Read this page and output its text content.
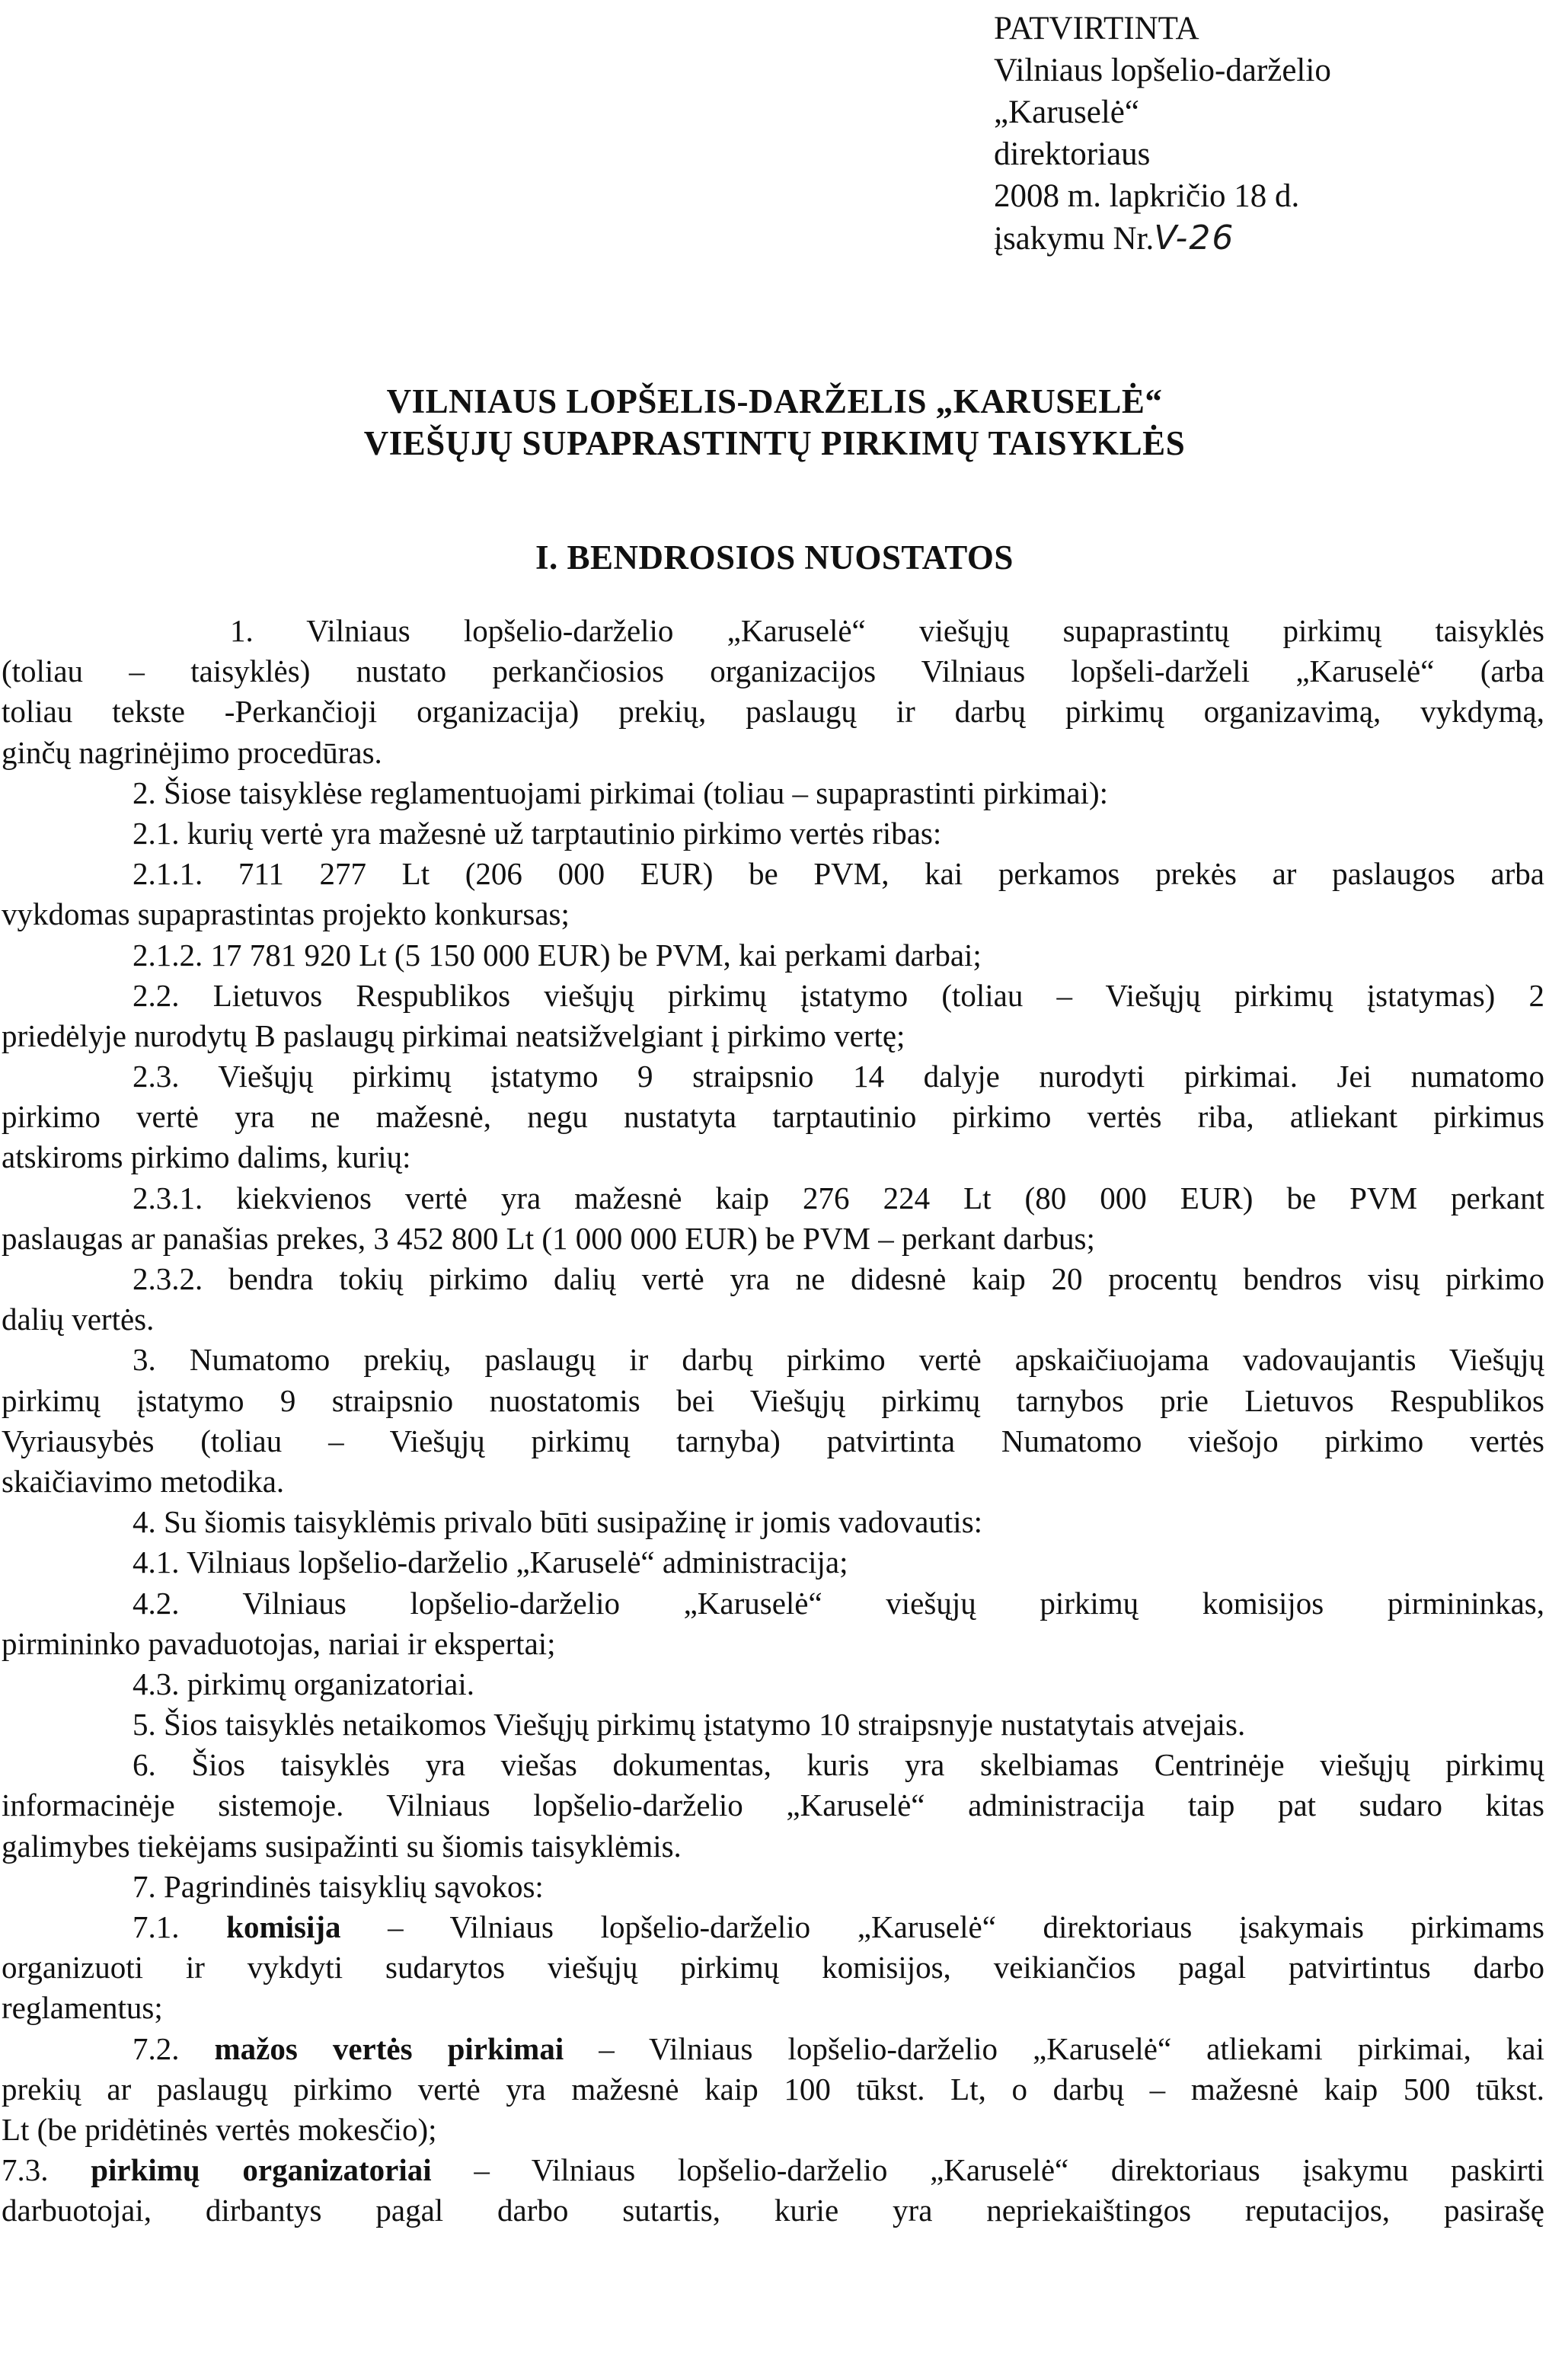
PATVIRTINTA
Vilniaus lopšelio-darželio
„Karuselė“
direktoriaus
2008 m. lapkričio 18 d.
įsakymu Nr.V-26
VILNIAUS LOPŠELIS-DARŽELIS „KARUSELĖ“
VIEŠŲJŲ SUPAPRASTINTŲ PIRKIMŲ TAISYKLĖS
I. BENDROSIOS NUOSTATOS
1. Vilniaus lopšelio-darželio „Karuselė“ viešųjų supaprastintų pirkimų taisyklės
(toliau – taisyklės) nustato perkančiosios organizacijos Vilniaus lopšeli-darželi „Karuselė“ (arba
toliau tekste -Perkančioji organizacija) prekių, paslaugų ir darbų pirkimų organizavimą, vykdymą,
ginčų nagrinėjimo procedūras.
2. Šiose taisyklėse reglamentuojami pirkimai (toliau – supaprastinti pirkimai):
2.1. kurių vertė yra mažesnė už tarptautinio pirkimo vertės ribas:
2.1.1. 711 277 Lt (206 000 EUR) be PVM, kai perkamos prekės ar paslaugos arba
vykdomas supaprastintas projekto konkursas;
2.1.2. 17 781 920 Lt (5 150 000 EUR) be PVM, kai perkami darbai;
2.2. Lietuvos Respublikos viešųjų pirkimų įstatymo (toliau – Viešųjų pirkimų įstatymas) 2
priedėlyje nurodytų B paslaugų pirkimai neatsižvelgiant į pirkimo vertę;
2.3. Viešųjų pirkimų įstatymo 9 straipsnio 14 dalyje nurodyti pirkimai. Jei numatomo
pirkimo vertė yra ne mažesnė, negu nustatyta tarptautinio pirkimo vertės riba, atliekant pirkimus
atskiroms pirkimo dalims, kurių:
2.3.1. kiekvienos vertė yra mažesnė kaip 276 224 Lt (80 000 EUR) be PVM perkant
paslaugas ar panašias prekes, 3 452 800 Lt (1 000 000 EUR) be PVM – perkant darbus;
2.3.2. bendra tokių pirkimo dalių vertė yra ne didesnė kaip 20 procentų bendros visų pirkimo
dalių vertės.
3. Numatomo prekių, paslaugų ir darbų pirkimo vertė apskaičiuojama vadovaujantis Viešųjų
pirkimų įstatymo 9 straipsnio nuostatomis bei Viešųjų pirkimų tarnybos prie Lietuvos Respublikos
Vyriausybės (toliau – Viešųjų pirkimų tarnyba) patvirtinta Numatomo viešojo pirkimo vertės
skaičiavimo metodika.
4. Su šiomis taisyklėmis privalo būti susipažinę ir jomis vadovautis:
4.1. Vilniaus lopšelio-darželio „Karuselė“ administracija;
4.2. Vilniaus lopšelio-darželio „Karuselė“ viešųjų pirkimų komisijos pirmininkas,
pirmininko pavaduotojas, nariai ir ekspertai;
4.3. pirkimų organizatoriai.
5. Šios taisyklės netaikomos Viešųjų pirkimų įstatymo 10 straipsnyje nustatytais atvejais.
6. Šios taisyklės yra viešas dokumentas, kuris yra skelbiamas Centrinėje viešųjų pirkimų
informacinėje sistemoje. Vilniaus lopšelio-darželio „Karuselė“ administracija taip pat sudaro kitas
galimybes tiekėjams susipažinti su šiomis taisyklėmis.
7. Pagrindinės taisyklių sąvokos:
7.1. komisija – Vilniaus lopšelio-darželio „Karuselė“ direktoriaus įsakymais pirkimams
organizuoti ir vykdyti sudarytos viešųjų pirkimų komisijos, veikiančios pagal patvirtintus darbo
reglamentus;
7.2. mažos vertės pirkimai – Vilniaus lopšelio-darželio „Karuselė“ atliekami pirkimai, kai
prekių ar paslaugų pirkimo vertė yra mažesnė kaip 100 tūkst. Lt, o darbų – mažesnė kaip 500 tūkst.
Lt (be pridėtinės vertės mokesčio);
7.3. pirkimų organizatoriai – Vilniaus lopšelio-darželio „Karuselė“ direktoriaus įsakymu paskirti
darbuotojai, dirbantys pagal darbo sutartis, kurie yra nepriekaištingos reputacijos, pasirašę
